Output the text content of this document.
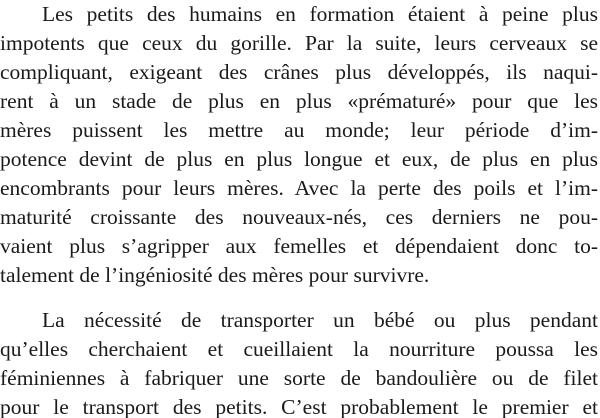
Les petits des humains en formation étaient à peine plus
impotents que ceux du gorille. Par la suite, leurs cerveaux se
compliquant, exigeant des crânes plus développés, ils naqui-
rent à un stade de plus en plus «prématuré» pour que les
mères puissent les mettre au monde; leur période d’im-
potence devint de plus en plus longue et eux, de plus en plus
encombrants pour leurs mères. Avec la perte des poils et l’im-
maturité croissante des nouveaux-nés, ces derniers ne pou-
vaient plus s’agripper aux femelles et dépendaient donc to-
talement de l’ingéniosité des mères pour survivre.
La nécessité de transporter un bébé ou plus pendant
qu’elles cherchaient et cueillaient la nourriture poussa les
féminiennes à fabriquer une sorte de bandoulière ou de filet
pour le transport des petits. C’est probablement le premier et
